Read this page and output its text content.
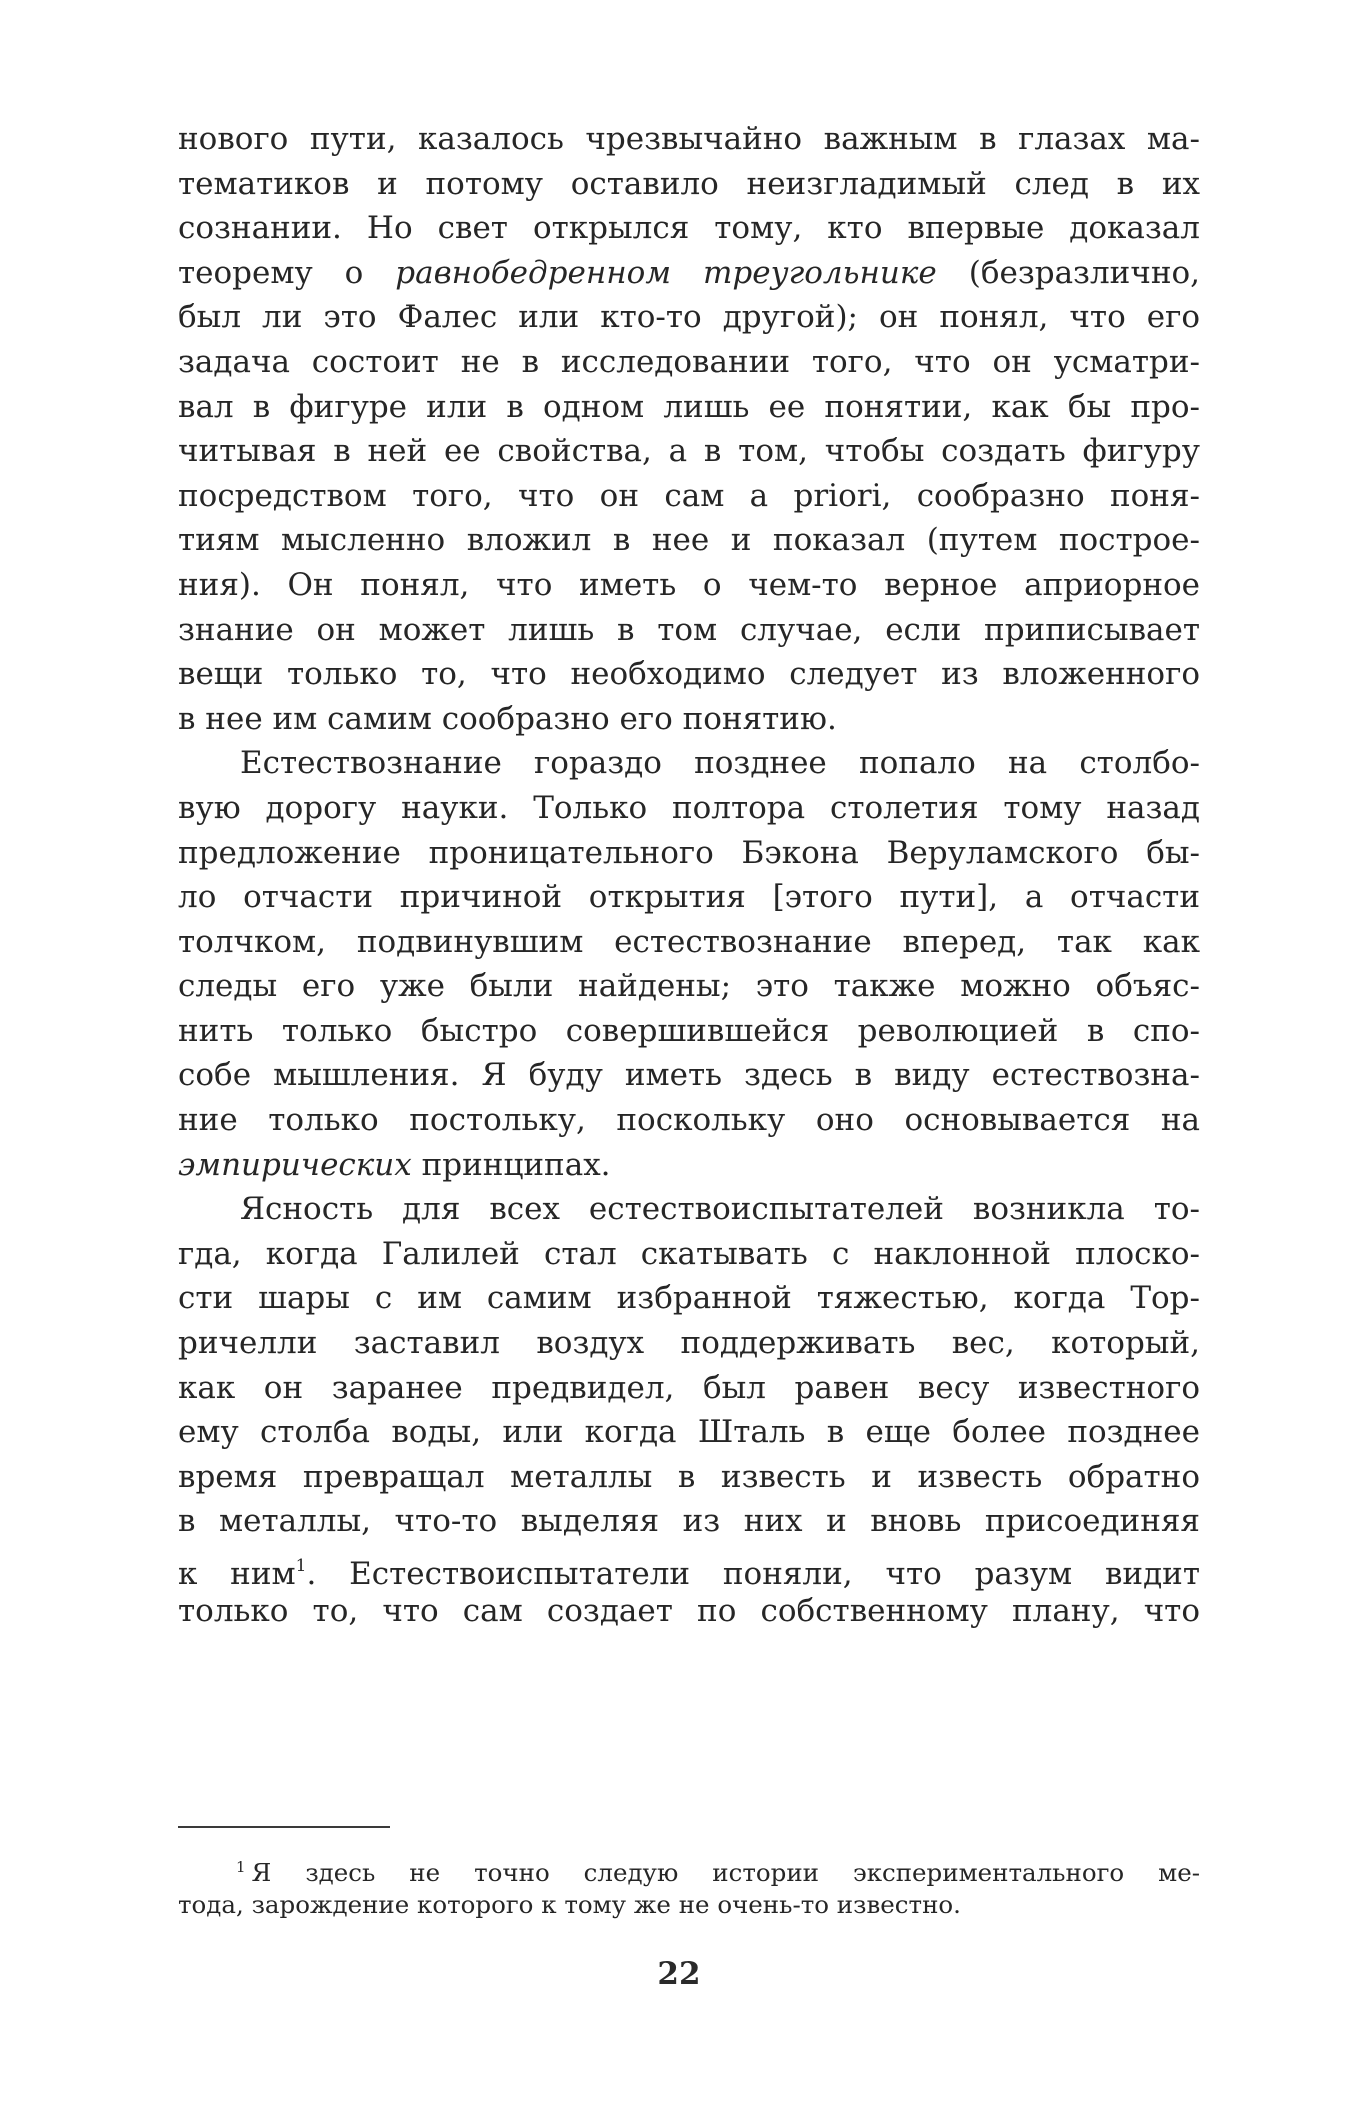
нового пути, казалось чрезвычайно важным в глазах ма-
тематиков и потому оставило неизгладимый след в их
сознании. Но свет открылся тому, кто впервые доказал
теорему о равнобедренном треугольнике (безразлично,
был ли это Фалес или кто-то другой); он понял, что его
задача состоит не в исследовании того, что он усматри-
вал в фигуре или в одном лишь ее понятии, как бы про-
читывая в ней ее свойства, а в том, чтобы создать фигуру
посредством того, что он сам a priori, сообразно поня-
тиям мысленно вложил в нее и показал (путем построе-
ния). Он понял, что иметь о чем-то верное априорное
знание он может лишь в том случае, если приписывает
вещи только то, что необходимо следует из вложенного
в нее им самим сообразно его понятию.

Естествознание гораздо позднее попало на столбо-
вую дорогу науки. Только полтора столетия тому назад
предложение проницательного Бэкона Веруламского бы-
ло отчасти причиной открытия [этого пути], а отчасти
толчком, подвинувшим естествознание вперед, так как
следы его уже были найдены; это также можно объяс-
нить только быстро совершившейся революцией в спо-
собе мышления. Я буду иметь здесь в виду естествозна-
ние только постольку, поскольку оно основывается на
эмпирических принципах.

Ясность для всех естествоиспытателей возникла то-
гда, когда Галилей стал скатывать с наклонной плоско-
сти шары с им самим избранной тяжестью, когда Тор-
ричелли заставил воздух поддерживать вес, который,
как он заранее предвидел, был равен весу известного
ему столба воды, или когда Шталь в еще более позднее
время превращал металлы в известь и известь обратно
в металлы, что-то выделяя из них и вновь присоединяя
к ним$^1$. Естествоиспытатели поняли, что разум видит
только то, что сам создает по собственному плану, что

$^1$ Я здесь не точно следую истории экспериментального ме-
тода, зарождение которого к тому же не очень-то известно.
22
